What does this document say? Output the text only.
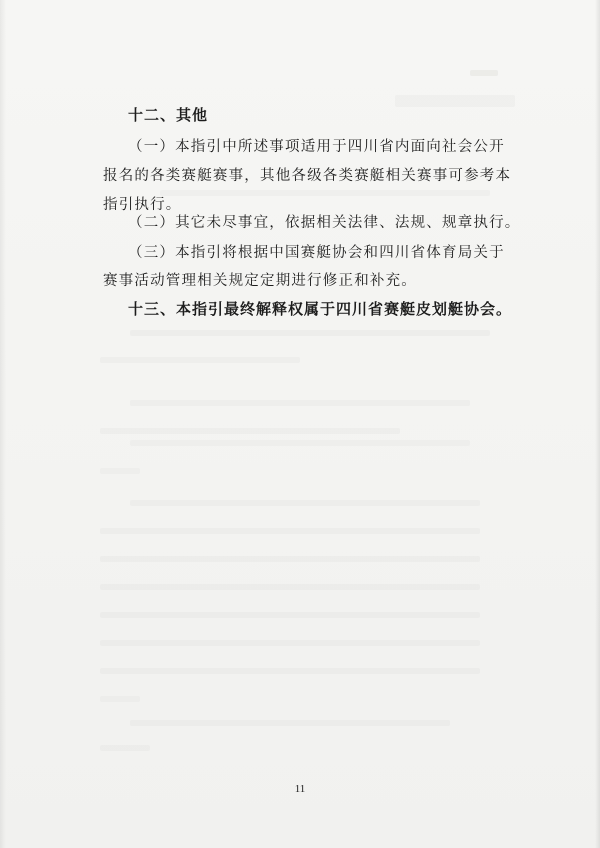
十二、其他
（一）本指引中所述事项适用于四川省内面向社会公开
报名的各类赛艇赛事，其他各级各类赛艇相关赛事可参考本
指引执行。
（二）其它未尽事宜，依据相关法律、法规、规章执行。
（三）本指引将根据中国赛艇协会和四川省体育局关于
赛事活动管理相关规定定期进行修正和补充。
十三、本指引最终解释权属于四川省赛艇皮划艇协会。
11
